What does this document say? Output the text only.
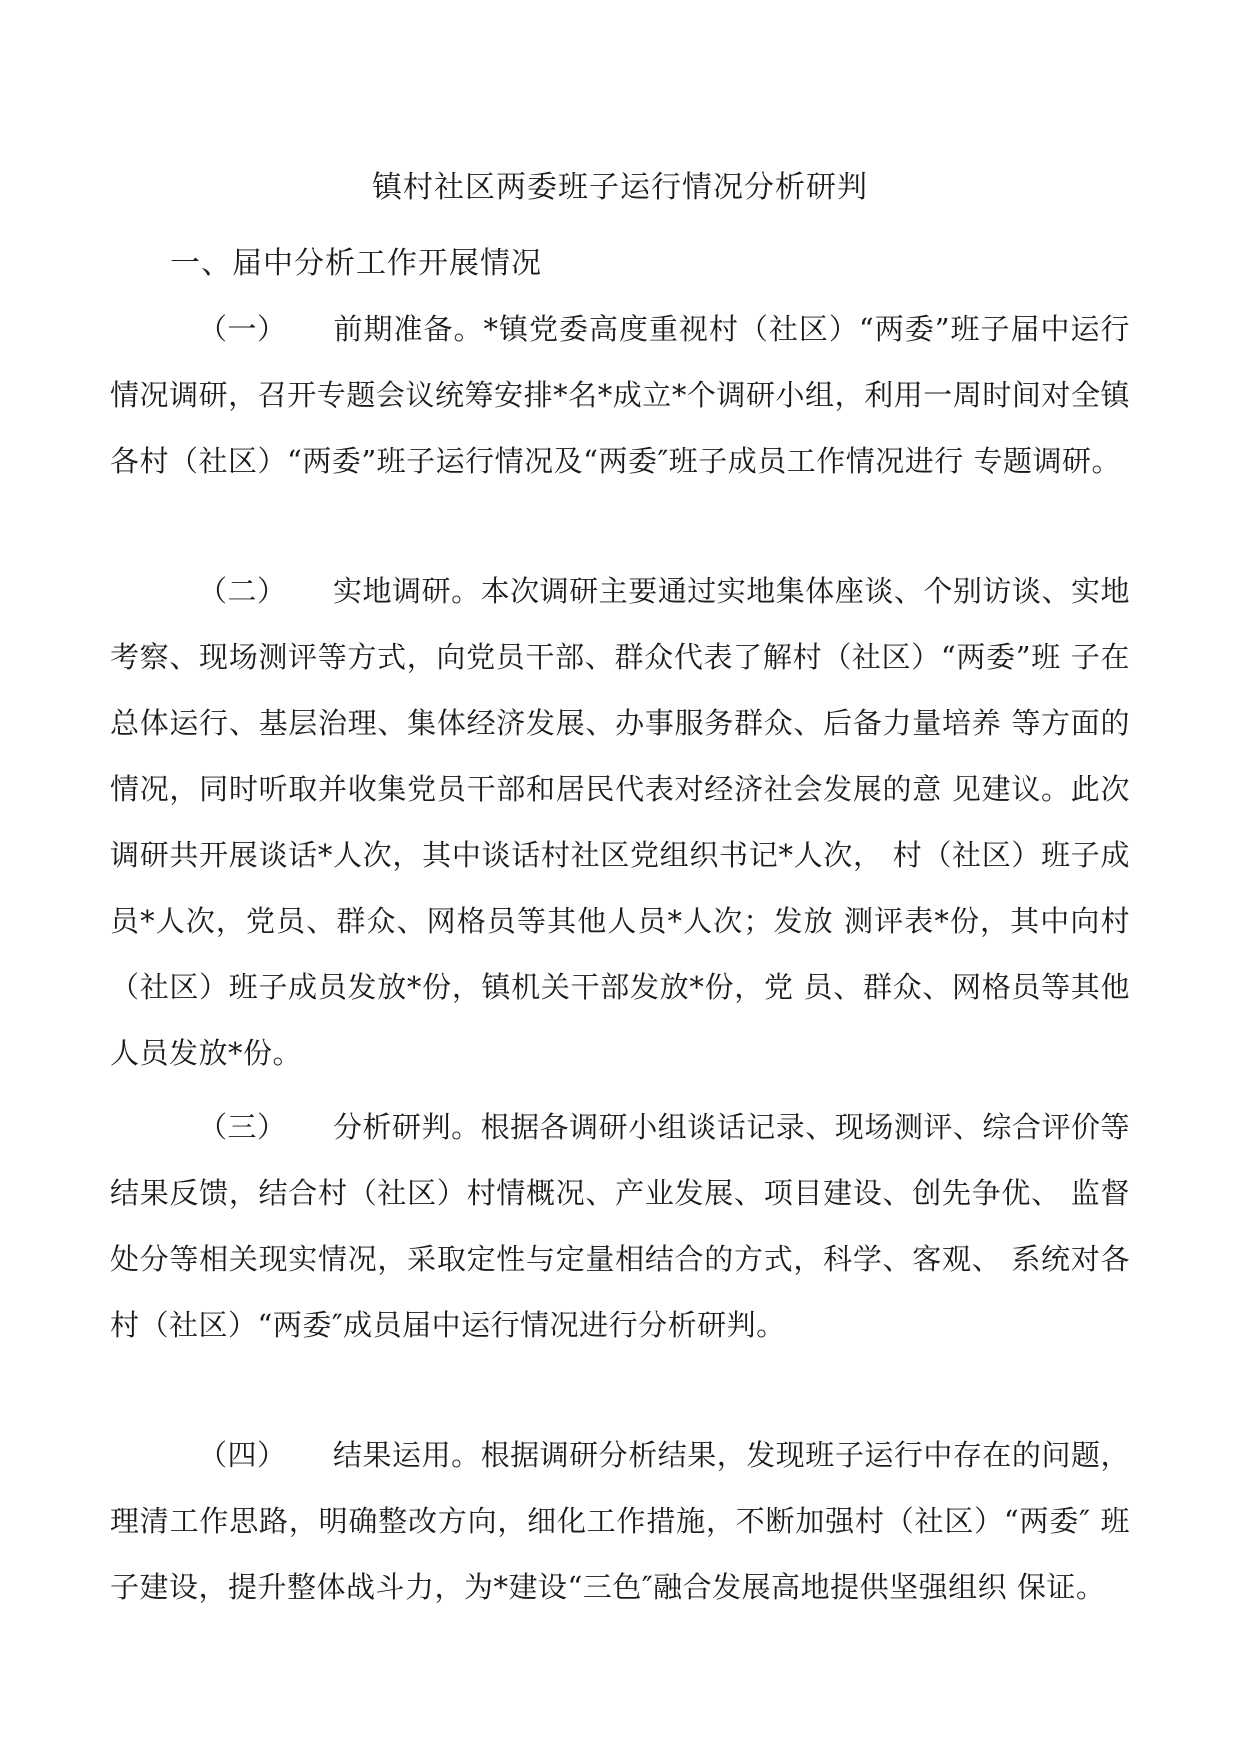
镇村社区两委班子运行情况分析研判
一、届中分析工作开展情况
（一） 前期准备。*镇党委高度重视村（社区）“两委”班子届中运行 情况调研，召开专题会议统筹安排*名*成立*个调研小组，利用一周时间对全镇各村（社区）“两委”班子运行情况及“两委″班子成员工作情况进行 专题调研。
（二） 实地调研。本次调研主要通过实地集体座谈、个别访谈、实地考察、现场测评等方式，向党员干部、群众代表了解村（社区）“两委”班 子在总体运行、基层治理、集体经济发展、办事服务群众、后备力量培养 等方面的情况，同时听取并收集党员干部和居民代表对经济社会发展的意 见建议。此次调研共开展谈话*人次，其中谈话村社区党组织书记*人次， 村（社区）班子成员*人次，党员、群众、网格员等其他人员*人次；发放 测评表*份，其中向村（社区）班子成员发放*份，镇机关干部发放*份，党 员、群众、网格员等其他人员发放*份。
（三） 分析研判。根据各调研小组谈话记录、现场测评、综合评价等结果反馈，结合村（社区）村情概况、产业发展、项目建设、创先争优、 监督处分等相关现实情况，采取定性与定量相结合的方式，科学、客观、 系统对各村（社区）“两委″成员届中运行情况进行分析研判。
（四） 结果运用。根据调研分析结果，发现班子运行中存在的问题，理清工作思路，明确整改方向，细化工作措施，不断加强村（社区）“两委″ 班子建设，提升整体战斗力，为*建设“三色″融合发展高地提供坚强组织 保证。
